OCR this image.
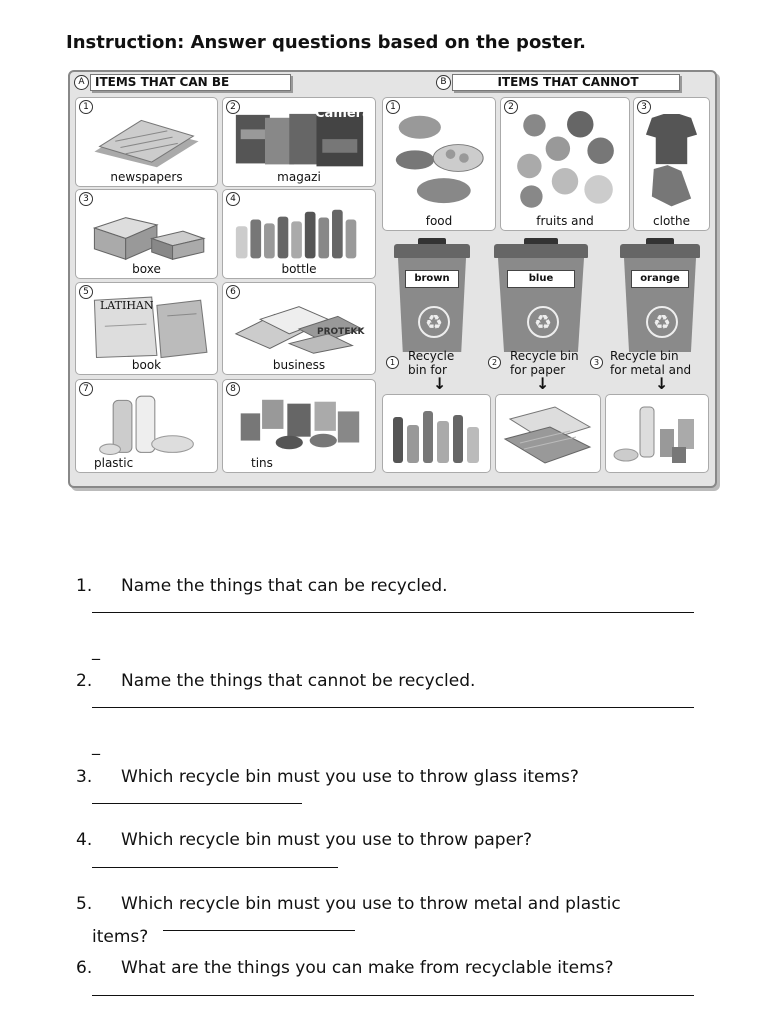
Instruction: Answer questions based on the poster.
A ITEMS THAT CAN BE	B	ITEMS THAT CANNOT
1
newspapers
2	Camera
magazi
3
boxe
4
bottle
5
LATIHAN
book
6
PROTEKK
business
7
plastic
8
tins
1
food
2
fruits and
3
clothe
brown
♻
blue
♻
orange
♻
1	Recycle
bin for
2	Recycle bin
for paper
3 Recycle bin
for metal and
↓	↓	↓
1. Name the things that can be recycled.
_
2. Name the things that cannot be recycled.
_
3. Which recycle bin must you use to throw glass items?
4. Which recycle bin must you use to throw paper?
5. Which recycle bin must you use to throw metal and plastic
items?
6. What are the things you can make from recyclable items?
